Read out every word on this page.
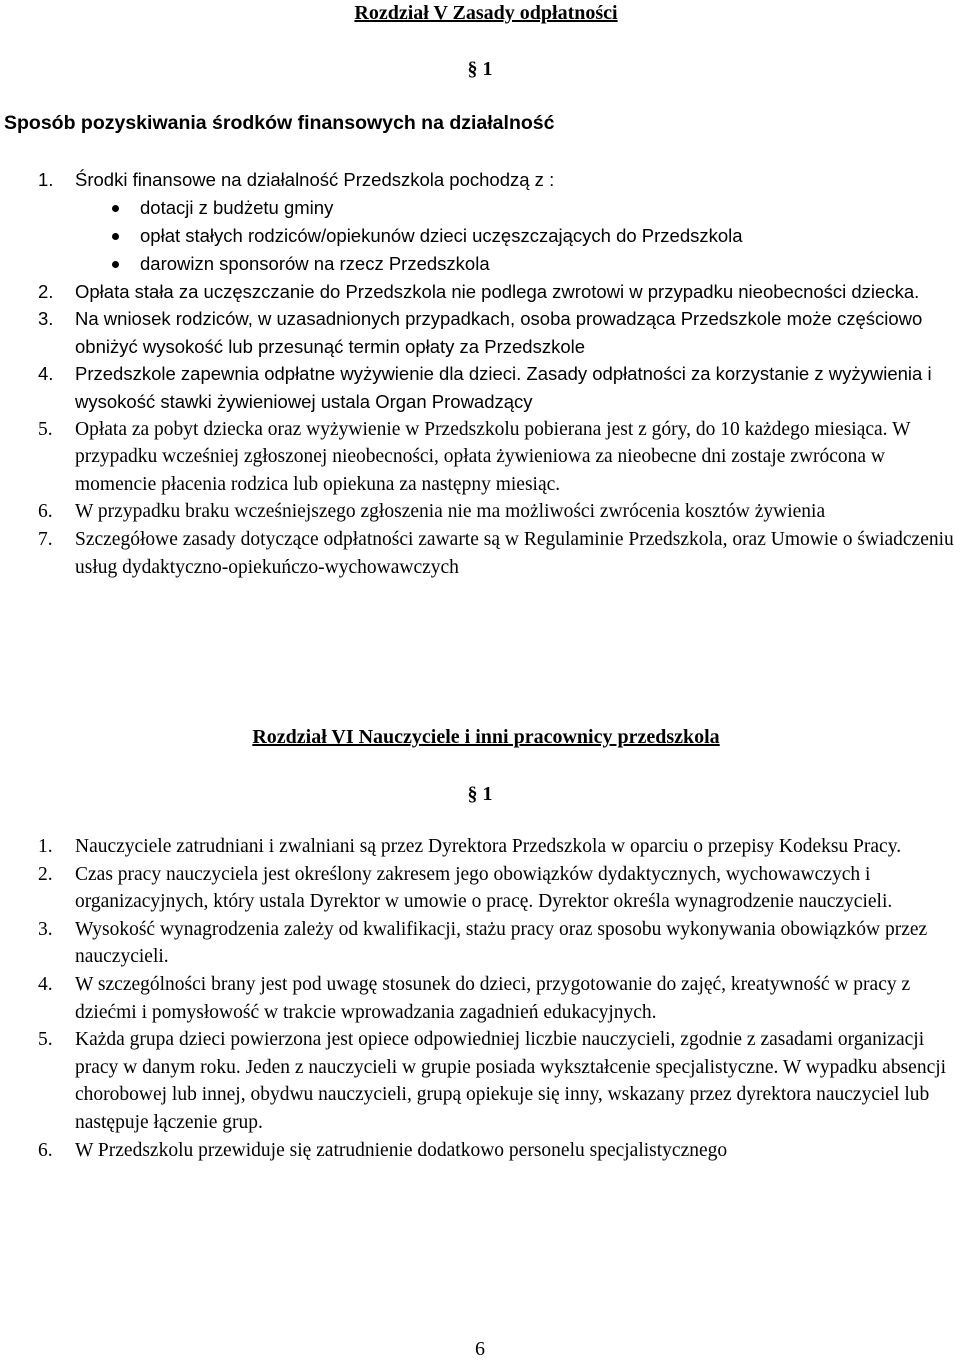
Rozdział V Zasady odpłatności
§ 1
Sposób pozyskiwania środków finansowych na działalność
1. Środki finansowe na działalność Przedszkola pochodzą z :
dotacji z budżetu gminy
opłat stałych rodziców/opiekunów dzieci uczęszczających do Przedszkola
darowizn sponsorów na rzecz Przedszkola
2. Opłata stała za uczęszczanie do Przedszkola nie podlega zwrotowi w przypadku nieobecności dziecka.
3. Na wniosek rodziców, w uzasadnionych przypadkach, osoba prowadząca Przedszkole może częściowo obniżyć wysokość lub przesunąć termin opłaty za Przedszkole
4. Przedszkole zapewnia odpłatne wyżywienie dla dzieci. Zasady odpłatności za korzystanie z wyżywienia i wysokość stawki żywieniowej ustala Organ Prowadzący
5. Opłata za pobyt dziecka oraz wyżywienie w Przedszkolu pobierana jest z góry, do 10 każdego miesiąca. W przypadku wcześniej zgłoszonej nieobecności, opłata żywieniowa za nieobecne dni zostaje zwrócona w momencie płacenia rodzica lub opiekuna za następny miesiąc.
6. W przypadku braku wcześniejszego zgłoszenia nie ma możliwości zwrócenia kosztów żywienia
7. Szczegółowe zasady dotyczące odpłatności zawarte są w Regulaminie Przedszkola, oraz Umowie o świadczeniu usług dydaktyczno-opiekuńczo-wychowawczych
Rozdział VI Nauczyciele i inni pracownicy przedszkola
§ 1
1. Nauczyciele zatrudniani i zwalniani są przez Dyrektora Przedszkola w oparciu o przepisy Kodeksu Pracy.
2. Czas pracy nauczyciela jest określony zakresem jego obowiązków dydaktycznych, wychowawczych i organizacyjnych, który ustala Dyrektor w umowie o pracę. Dyrektor określa wynagrodzenie nauczycieli.
3. Wysokość wynagrodzenia zależy od kwalifikacji, stażu pracy oraz sposobu wykonywania obowiązków przez nauczycieli.
4. W szczególności brany jest pod uwagę stosunek do dzieci, przygotowanie do zajęć, kreatywność w pracy z dziećmi i pomysłowość w trakcie wprowadzania zagadnień edukacyjnych.
5. Każda grupa dzieci powierzona jest opiece odpowiedniej liczbie nauczycieli, zgodnie z zasadami organizacji pracy w danym roku. Jeden z nauczycieli w grupie posiada wykształcenie specjalistyczne. W wypadku absencji chorobowej lub innej, obydwu nauczycieli, grupą opiekuje się inny, wskazany przez dyrektora nauczyciel lub następuje łączenie grup.
6. W Przedszkolu przewiduje się zatrudnienie dodatkowo personelu specjalistycznego
6
